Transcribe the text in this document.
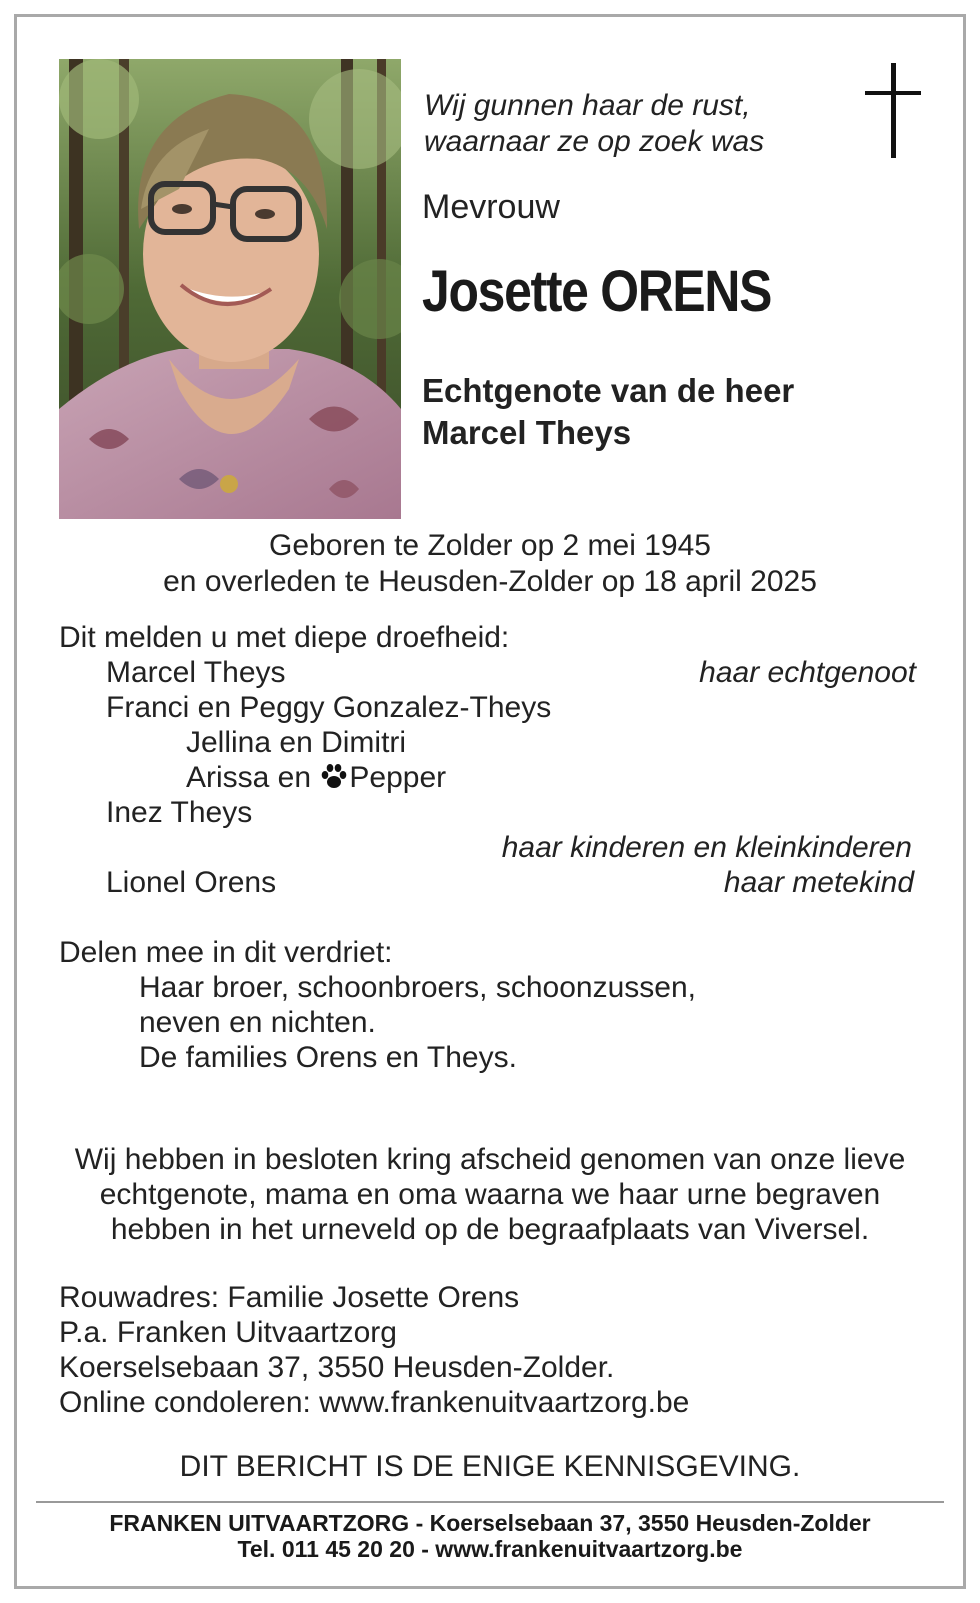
Wij gunnen haar de rust,
waarnaar ze op zoek was
Mevrouw
Josette ORENS
Echtgenote van de heer
Marcel Theys
Geboren te Zolder op 2 mei 1945
en overleden te Heusden-Zolder op 18 april 2025
Dit melden u met diepe droefheid:
Marcel Theys	haar echtgenoot
Franci en Peggy Gonzalez-Theys
Jellina en Dimitri
Arissa en Pepper
Inez Theys
haar kinderen en kleinkinderen
Lionel Orens	haar metekind
Delen mee in dit verdriet:
Haar broer, schoonbroers, schoonzussen,
neven en nichten.
De families Orens en Theys.
Wij hebben in besloten kring afscheid genomen van onze lieve
echtgenote, mama en oma waarna we haar urne begraven
hebben in het urneveld op de begraafplaats van Viversel.
Rouwadres: Familie Josette Orens
P.a. Franken Uitvaartzorg
Koerselsebaan 37, 3550 Heusden-Zolder.
Online condoleren: www.frankenuitvaartzorg.be
DIT BERICHT IS DE ENIGE KENNISGEVING.
FRANKEN UITVAARTZORG - Koerselsebaan 37, 3550 Heusden-Zolder
Tel. 011 45 20 20 - www.frankenuitvaartzorg.be
